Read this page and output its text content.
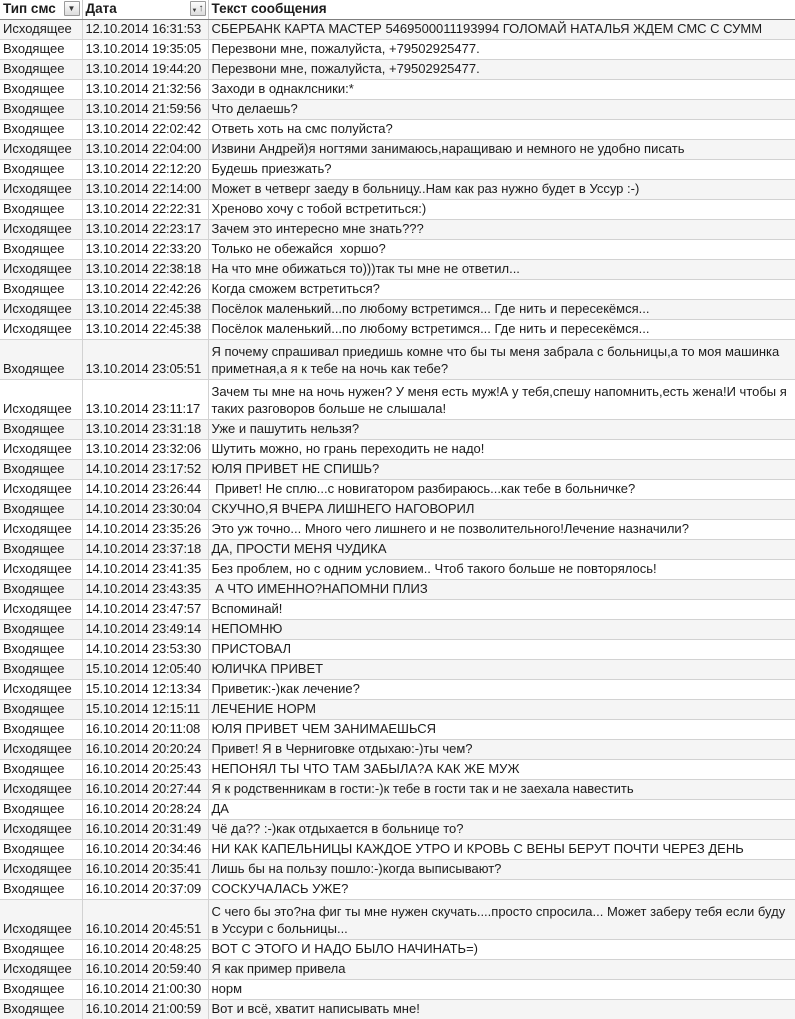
Тип смс ▼	Дата ▼ ↑	Текст сообщения

Исходящее	12.10.2014 16:31:53	СБЕРБАНК КАРТА МАСТЕР 5469500011193994 ГОЛОМАЙ НАТАЛЬЯ ЖДЕМ СМС С СУММ
Входящее	13.10.2014 19:35:05	Перезвони мне, пожалуйста, +79502925477.
Входящее	13.10.2014 19:44:20	Перезвони мне, пожалуйста, +79502925477.
Входящее	13.10.2014 21:32:56	Заходи в однаклсники:*
Входящее	13.10.2014 21:59:56	Что делаешь?
Входящее	13.10.2014 22:02:42	Ответь хоть на смс полуйста?
Исходящее	13.10.2014 22:04:00	Извини Андрей)я ногтями занимаюсь,наращиваю и немного не удобно писать
Входящее	13.10.2014 22:12:20	Будешь приезжать?
Исходящее	13.10.2014 22:14:00	Может в четверг заеду в больницу..Нам как раз нужно будет в Уссур :-)
Входящее	13.10.2014 22:22:31	Хреново хочу с тобой встретиться:)
Исходящее	13.10.2014 22:23:17	Зачем это интересно мне знать???
Входящее	13.10.2014 22:33:20	Только не обежайся  хоршо?
Исходящее	13.10.2014 22:38:18	На что мне обижаться то)))так ты мне не ответил...
Входящее	13.10.2014 22:42:26	Когда сможем встретиться?
Исходящее	13.10.2014 22:45:38	Посёлок маленький...по любому встретимся... Где нить и пересекёмся...
Исходящее	13.10.2014 22:45:38	Посёлок маленький...по любому встретимся... Где нить и пересекёмся...
Входящее	13.10.2014 23:05:51	Я почему спрашивал приедишь комне что бы ты меня забрала с больницы,а то моя машинка приметная,а я к тебе на ночь как тебе?
Исходящее	13.10.2014 23:11:17	Зачем ты мне на ночь нужен? У меня есть муж!А у тебя,спешу напомнить,есть жена!И чтобы я таких разговоров больше не слышала!
Входящее	13.10.2014 23:31:18	Уже и пашутить нельзя?
Исходящее	13.10.2014 23:32:06	Шутить можно, но грань переходить не надо!
Входящее	14.10.2014 23:17:52	ЮЛЯ ПРИВЕТ НЕ СПИШЬ?
Исходящее	14.10.2014 23:26:44	Привет! Не сплю...с новигатором разбираюсь...как тебе в больничке?
Входящее	14.10.2014 23:30:04	СКУЧНО,Я ВЧЕРА ЛИШНЕГО НАГОВОРИЛ
Исходящее	14.10.2014 23:35:26	Это уж точно... Много чего лишнего и не позволительного!Лечение назначили?
Входящее	14.10.2014 23:37:18	ДА, ПРОСТИ МЕНЯ ЧУДИКА
Исходящее	14.10.2014 23:41:35	Без проблем, но с одним условием.. Чтоб такого больше не повторялось!
Входящее	14.10.2014 23:43:35	А ЧТО ИМЕННО?НАПОМНИ ПЛИЗ
Исходящее	14.10.2014 23:47:57	Вспоминай!
Входящее	14.10.2014 23:49:14	НЕПОМНЮ
Входящее	14.10.2014 23:53:30	ПРИСТОВАЛ
Входящее	15.10.2014 12:05:40	ЮЛИЧКА ПРИВЕТ
Исходящее	15.10.2014 12:13:34	Приветик:-)как лечение?
Входящее	15.10.2014 12:15:11	ЛЕЧЕНИЕ НОРМ
Входящее	16.10.2014 20:11:08	ЮЛЯ ПРИВЕТ ЧЕМ ЗАНИМАЕШЬСЯ
Исходящее	16.10.2014 20:20:24	Привет! Я в Черниговке отдыхаю:-)ты чем?
Входящее	16.10.2014 20:25:43	НЕПОНЯЛ ТЫ ЧТО ТАМ ЗАБЫЛА?А КАК ЖЕ МУЖ
Исходящее	16.10.2014 20:27:44	Я к родственникам в гости:-)к тебе в гости так и не заехала навестить
Входящее	16.10.2014 20:28:24	ДА
Исходящее	16.10.2014 20:31:49	Чё да?? :-)как отдыхается в больнице то?
Входящее	16.10.2014 20:34:46	НИ КАК КАПЕЛЬНИЦЫ КАЖДОЕ УТРО И КРОВЬ С ВЕНЫ БЕРУТ ПОЧТИ ЧЕРЕЗ ДЕНЬ
Исходящее	16.10.2014 20:35:41	Лишь бы на пользу пошло:-)когда выписывают?
Входящее	16.10.2014 20:37:09	СОСКУЧАЛАСЬ УЖЕ?
Исходящее	16.10.2014 20:45:51	С чего бы это?на фиг ты мне нужен скучать....просто спросила... Может заберу тебя если буду в Уссури с больницы...
Входящее	16.10.2014 20:48:25	ВОТ С ЭТОГО И НАДО БЫЛО НАЧИНАТЬ=)
Исходящее	16.10.2014 20:59:40	Я как пример привела
Входящее	16.10.2014 21:00:30	норм
Входящее	16.10.2014 21:00:59	Вот и всё, хватит написывать мне!
